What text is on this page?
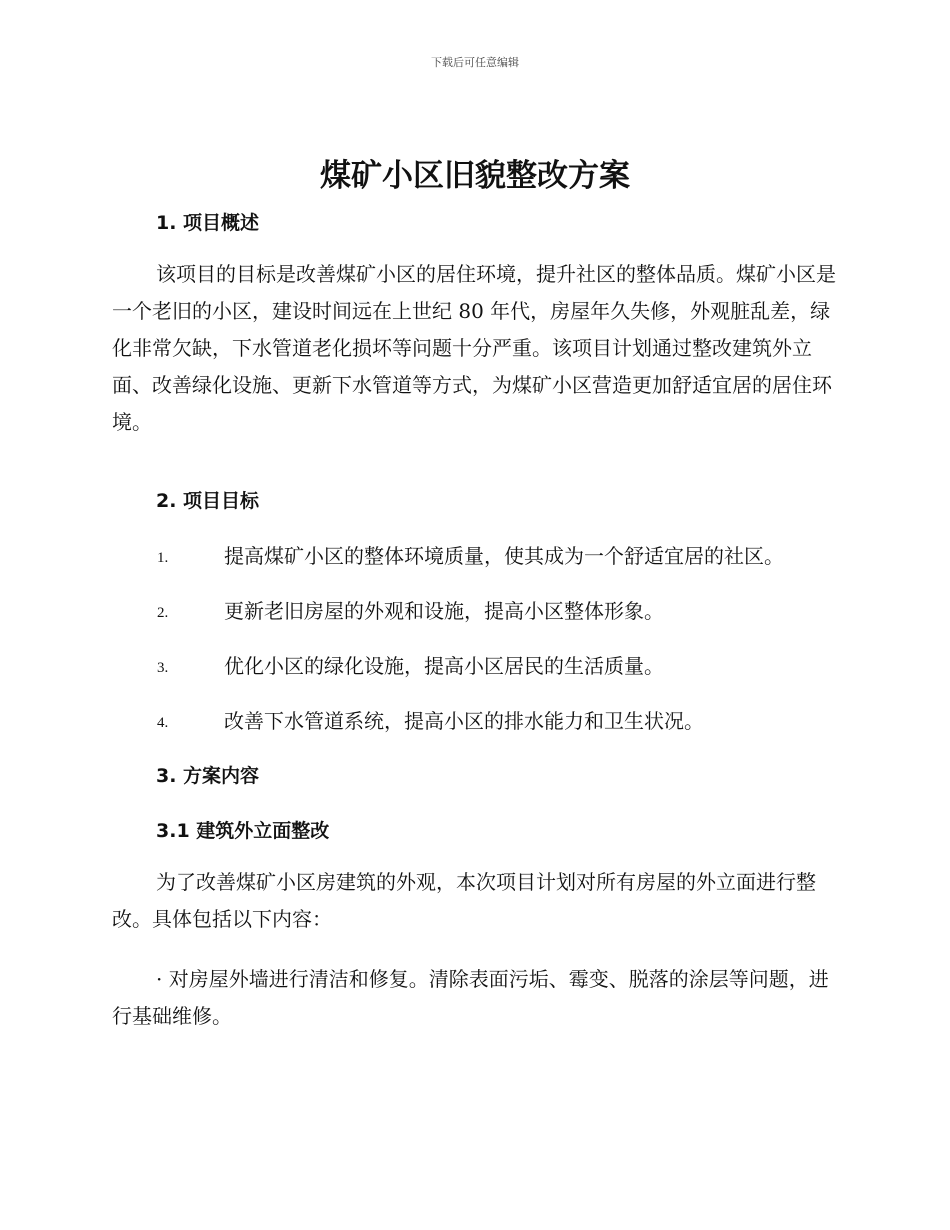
下载后可任意编辑
煤矿小区旧貌整改方案
1. 项目概述

该项目的目标是改善煤矿小区的居住环境，提升社区的整体品质。煤矿小区是一个老旧的小区，建设时间远在上世纪 80 年代，房屋年久失修，外观脏乱差，绿化非常欠缺，下水管道老化损坏等问题十分严重。该项目计划通过整改建筑外立面、改善绿化设施、更新下水管道等方式，为煤矿小区营造更加舒适宜居的居住环境。

2. 项目目标
1.	提高煤矿小区的整体环境质量，使其成为一个舒适宜居的社区。
2.	更新老旧房屋的外观和设施，提高小区整体形象。
3.	优化小区的绿化设施，提高小区居民的生活质量。
4.	改善下水管道系统，提高小区的排水能力和卫生状况。
3. 方案内容
3.1 建筑外立面整改

为了改善煤矿小区房建筑的外观，本次项目计划对所有房屋的外立面进行整改。具体包括以下内容：

· 对房屋外墙进行清洁和修复。清除表面污垢、霉变、脱落的涂层等问题，进行基础维修。
